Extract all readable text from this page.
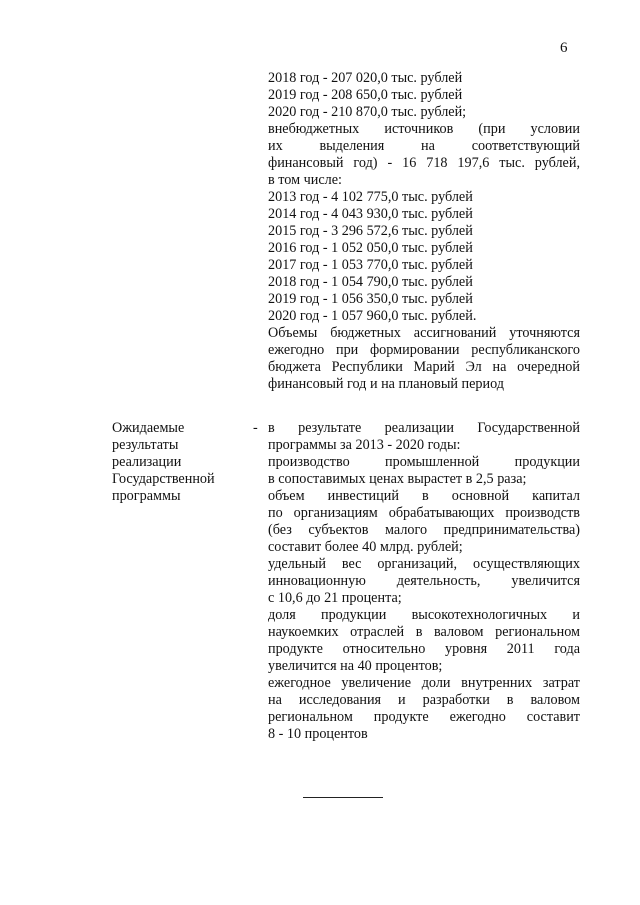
6
2018 год - 207 020,0 тыс. рублей
2019 год - 208 650,0 тыс. рублей
2020 год - 210 870,0 тыс. рублей;
внебюджетных источников (при условии
их выделения на соответствующий
финансовый год) - 16 718 197,6 тыс. рублей,
в том числе:
2013 год - 4 102 775,0 тыс. рублей
2014 год - 4 043 930,0 тыс. рублей
2015 год - 3 296 572,6 тыс. рублей
2016 год - 1 052 050,0 тыс. рублей
2017 год - 1 053 770,0 тыс. рублей
2018 год - 1 054 790,0 тыс. рублей
2019 год - 1 056 350,0 тыс. рублей
2020 год - 1 057 960,0 тыс. рублей.
Объемы бюджетных ассигнований уточняются
ежегодно при формировании республиканского
бюджета Республики Марий Эл на очередной
финансовый год и на плановый период
Ожидаемые
результаты
реализации
Государственной
программы
- в результате реализации Государственной
программы за 2013 - 2020 годы:
производство промышленной продукции
в сопоставимых ценах вырастет в 2,5 раза;
объем инвестиций в основной капитал
по организациям обрабатывающих производств
(без субъектов малого предпринимательства)
составит более 40 млрд. рублей;
удельный вес организаций, осуществляющих
инновационную деятельность, увеличится
с 10,6 до 21 процента;
доля продукции высокотехнологичных и
наукоемких отраслей в валовом региональном
продукте относительно уровня 2011 года
увеличится на 40 процентов;
ежегодное увеличение доли внутренних затрат
на исследования и разработки в валовом
региональном продукте ежегодно составит
8 - 10 процентов
